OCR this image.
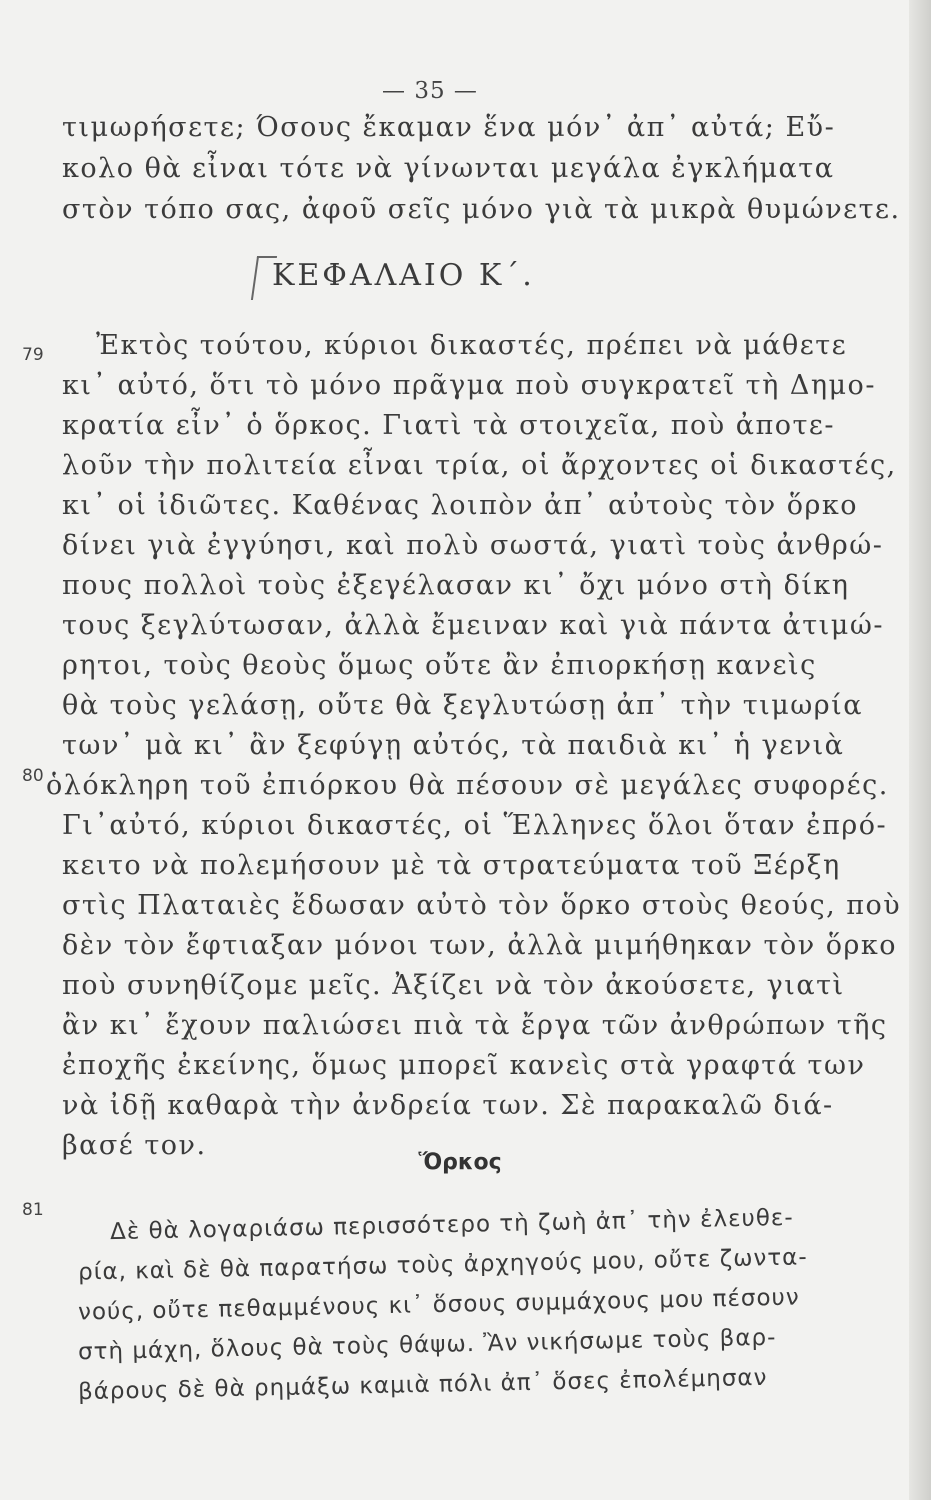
— 35 —
τιμωρήσετε; Όσους ἔκαμαν ἕνα μόν᾿ ἀπ᾿ αὐτά; Εὔ-
κολο θὰ εἶναι τότε νὰ γίνωνται μεγάλα ἐγκλήματα
στὸν τόπο σας, ἀφοῦ σεῖς μόνο γιὰ τὰ μικρὰ θυμώνετε.
ΚΕΦΑΛΑΙΟ Κ΄.
79
80
81
Ἐκτὸς τούτου, κύριοι δικαστές, πρέπει νὰ μάθετε
κι᾿ αὐτό, ὅτι τὸ μόνο πρᾶγμα ποὺ συγκρατεῖ τὴ Δημο-
κρατία εἶν᾿ ὁ ὅρκος. Γιατὶ τὰ στοιχεῖα, ποὺ ἀποτε-
λοῦν τὴν πολιτεία εἶναι τρία, οἱ ἄρχοντες οἱ δικαστές,
κι᾿ οἱ ἰδιῶτες. Καθένας λοιπὸν ἀπ᾿ αὐτοὺς τὸν ὅρκο
δίνει γιὰ ἐγγύησι, καὶ πολὺ σωστά, γιατὶ τοὺς ἀνθρώ-
πους πολλοὶ τοὺς ἐξεγέλασαν κι᾿ ὄχι μόνο στὴ δίκη
τους ξεγλύτωσαν, ἀλλὰ ἔμειναν καὶ γιὰ πάντα ἀτιμώ-
ρητοι, τοὺς θεοὺς ὅμως οὔτε ἂν ἐπιορκήσῃ κανεὶς
θὰ τοὺς γελάσῃ, οὔτε θὰ ξεγλυτώσῃ ἀπ᾿ τὴν τιμωρία
των᾿ μὰ κι᾿ ἂν ξεφύγῃ αὐτός, τὰ παιδιὰ κι᾿ ἡ γενιὰ
ὁλόκληρη τοῦ ἐπιόρκου θὰ πέσουν σὲ μεγάλες συφορές.
Γι᾿αὐτό, κύριοι δικαστές, οἱ Ἕλληνες ὅλοι ὅταν ἐπρό-
κειτο νὰ πολεμήσουν μὲ τὰ στρατεύματα τοῦ Ξέρξη
στὶς Πλαταιὲς ἔδωσαν αὐτὸ τὸν ὅρκο στοὺς θεούς, ποὺ
δὲν τὸν ἔφτιαξαν μόνοι των, ἀλλὰ μιμήθηκαν τὸν ὅρκο
ποὺ συνηθίζομε μεῖς. Ἀξίζει νὰ τὸν ἀκούσετε, γιατὶ
ἂν κι᾿ ἔχουν παλιώσει πιὰ τὰ ἔργα τῶν ἀνθρώπων τῆς
ἐποχῆς ἐκείνης, ὅμως μπορεῖ κανεὶς στὰ γραφτά των
νὰ ἰδῇ καθαρὰ τὴν ἀνδρεία των. Σὲ παρακαλῶ διά-
βασέ τον.
Ὅρκος
Δὲ θὰ λογαριάσω περισσότερο τὴ ζωὴ ἀπ᾿ τὴν ἐλευθε-
ρία, καὶ δὲ θὰ παρατήσω τοὺς ἀρχηγούς μου, οὔτε ζωντα-
νούς, οὔτε πεθαμμένους κι᾿ ὅσους συμμάχους μου πέσουν
στὴ μάχη, ὅλους θὰ τοὺς θάψω. Ἂν νικήσωμε τοὺς βαρ-
βάρους δὲ θὰ ρημάξω καμιὰ πόλι ἀπ᾿ ὅσες ἐπολέμησαν
